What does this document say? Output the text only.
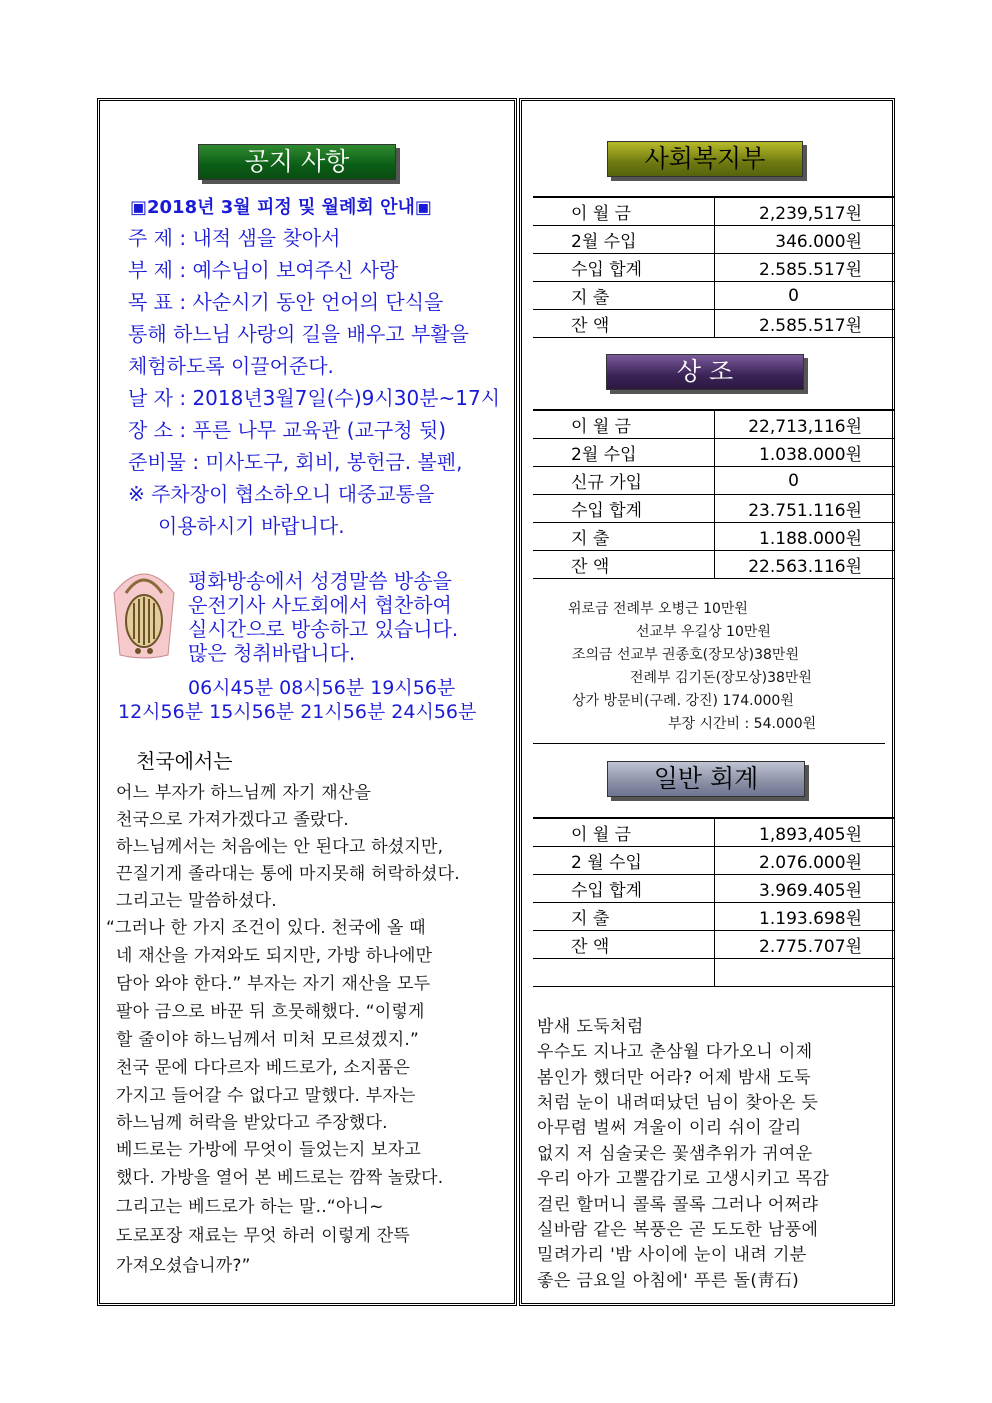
공지 사항
▣2018년 3월 피정 및 월례회 안내▣
주 제 : 내적 샘을 찾아서
부 제 : 예수님이 보여주신 사랑
목 표 : 사순시기 동안 언어의 단식을
통해 하느님 사랑의 길을 배우고 부활을
체험하도록 이끌어준다.
날 자 : 2018년3월7일(수)9시30분~17시
장 소 : 푸른 나무 교육관 (교구청 뒷)
준비물 : 미사도구, 회비, 봉헌금. 볼펜,
※ 주차장이 협소하오니 대중교통을
이용하시기 바랍니다.
평화방송에서 성경말씀 방송을
운전기사 사도회에서 협찬하여
실시간으로 방송하고 있습니다.
많은 청취바랍니다.
06시45분 08시56분 19시56분
12시56분 15시56분 21시56분 24시56분
천국에서는
어느 부자가 하느님께 자기 재산을
천국으로 가져가겠다고 졸랐다.
하느님께서는 처음에는 안 된다고 하셨지만,
끈질기게 졸라대는 통에 마지못해 허락하셨다.
그리고는 말씀하셨다.
“그러나 한 가지 조건이 있다. 천국에 올 때
네 재산을 가져와도 되지만, 가방 하나에만
담아 와야 한다.” 부자는 자기 재산을 모두
팔아 금으로 바꾼 뒤 흐뭇해했다. “이렇게
할 줄이야 하느님께서 미처 모르셨겠지.”
천국 문에 다다르자 베드로가, 소지품은
가지고 들어갈 수 없다고 말했다. 부자는
하느님께 허락을 받았다고 주장했다.
베드로는 가방에 무엇이 들었는지 보자고
했다. 가방을 열어 본 베드로는 깜짝 놀랐다.
그리고는 베드로가 하는 말..“아니~
도로포장 재료는 무엇 하러 이렇게 잔뜩
가져오셨습니까?”
사회복지부
이 월 금	2,239,517원
2월 수입	346.000원
수입 합계	2.585.517원
지 출	0
잔 액	2.585.517원
상 조
이 월 금	22,713,116원
2월 수입	1.038.000원
신규 가입	0
수입 합계	23.751.116원
지 출	1.188.000원
잔 액	22.563.116원
위로금 전례부 오병근 10만원
선교부 우길상 10만원
조의금 선교부 권종호(장모상)38만원
전례부 김기돈(장모상)38만원
상가 방문비(구례. 강진) 174.000원
부장 시간비 : 54.000원
일반 회계
이 월 금	1,893,405원
2 월 수입	2.076.000원
수입 합계	3.969.405원
지 출	1.193.698원
잔 액	2.775.707원

밤새 도둑처럼
우수도 지나고 춘삼월 다가오니 이제
봄인가 했더만 어라? 어제 밤새 도둑
처럼 눈이 내려떠났던 님이 찾아온 듯
아무렴 벌써 겨울이 이리 쉬이 갈리
없지 저 심술궂은 꽃샘추위가 귀여운
우리 아가 고뿔감기로 고생시키고 목감
걸린 할머니 콜록 콜록 그러나 어쩌랴
실바람 같은 복풍은 곧 도도한 남풍에
밀려가리 '밤 사이에 눈이 내려 기분
좋은 금요일 아침에' 푸른 돌(靑石)
